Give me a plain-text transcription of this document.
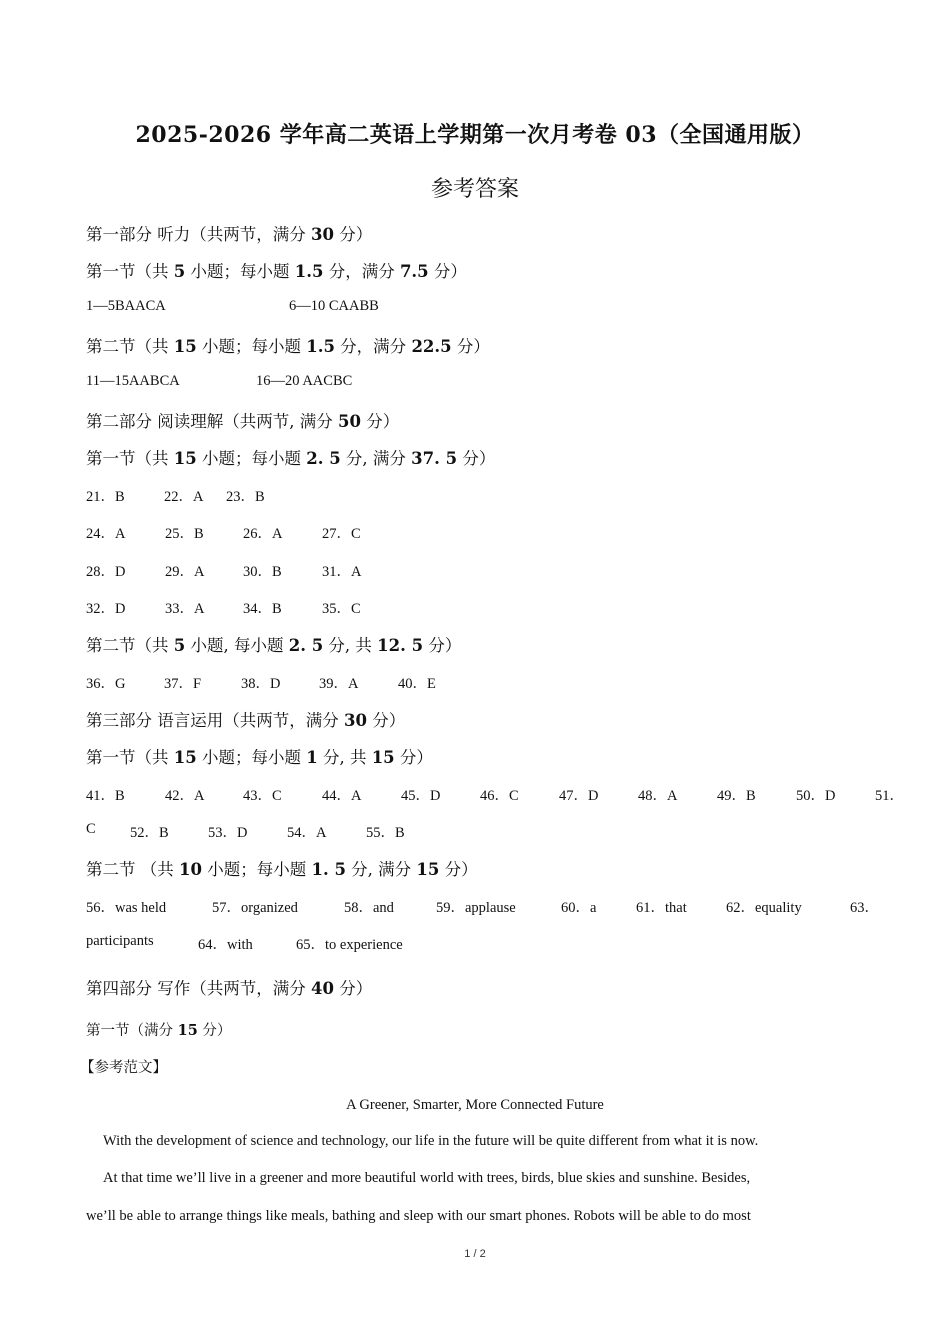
2025-2026 学年高二英语上学期第一次月考卷 03（全国通用版）
参考答案
第一部分 听力（共两节，满分 30 分）
第一节（共 5 小题；每小题 1.5 分，满分 7.5 分）
1—5BAACA	6—10 CAABB
第二节（共 15 小题；每小题 1.5 分，满分 22.5 分）
11—15AABCA	16—20 AACBC
第二部分 阅读理解（共两节, 满分 50 分）
第一节（共 15 小题；每小题 2. 5 分, 满分 37. 5 分）
21．B	22．A 23．B
24．A	25．B	26．A	27．C
28．D	29．A	30．B	31．A
32．D	33．A	34．B	35．C
第二节（共 5 小题, 每小题 2. 5 分, 共 12. 5 分）
36．G	37．F	38．D	39．A	40．E
第三部分 语言运用（共两节，满分 30 分）
第一节（共 15 小题；每小题 1 分, 共 15 分）
41．B	42．A	43．C	44．A	45．D	46．C	47．D	48．A	49．B	50．D	51．
C 52．B	53．D	54．A	55．B
第二节 （共 10 小题；每小题 1. 5 分, 满分 15 分）
56．was held	57．organized	58．and	59．applause	60．a	61．that	62．equality	63．
participants	64．with	65．to experience
第四部分 写作（共两节，满分 40 分）
第一节（满分 15 分）
【参考范文】
A Greener, Smarter, More Connected Future
With the development of science and technology, our life in the future will be quite different from what it is now.
At that time we’ll live in a greener and more beautiful world with trees, birds, blue skies and sunshine. Besides,
we’ll be able to arrange things like meals, bathing and sleep with our smart phones. Robots will be able to do most
1 / 2
